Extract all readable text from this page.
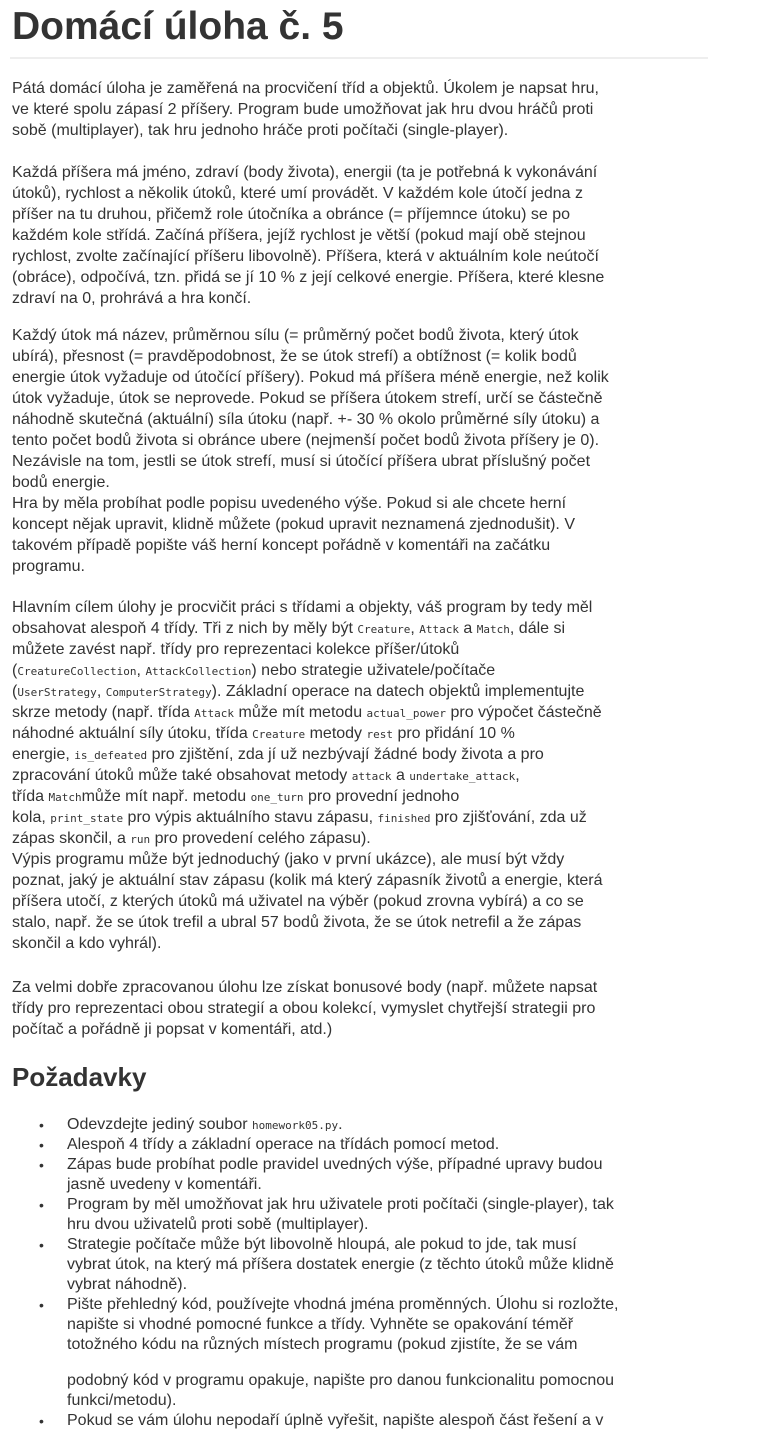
Domácí úloha č. 5
Pátá domácí úloha je zaměřená na procvičení tříd a objektů. Úkolem je napsat hru,
ve které spolu zápasí 2 příšery. Program bude umožňovat jak hru dvou hráčů proti
sobě (multiplayer), tak hru jednoho hráče proti počítači (single-player).
Každá příšera má jméno, zdraví (body života), energii (ta je potřebná k vykonávání
útoků), rychlost a několik útoků, které umí provádět. V každém kole útočí jedna z
příšer na tu druhou, přičemž role útočníka a obránce (= příjemnce útoku) se po
každém kole střídá. Začíná příšera, jejíž rychlost je větší (pokud mají obě stejnou
rychlost, zvolte začínající příšeru libovolně). Příšera, která v aktuálním kole neútočí
(obráce), odpočívá, tzn. přidá se jí 10 % z její celkové energie. Příšera, které klesne
zdraví na 0, prohrává a hra končí.
Každý útok má název, průměrnou sílu (= průměrný počet bodů života, který útok
ubírá), přesnost (= pravděpodobnost, že se útok strefí) a obtížnost (= kolik bodů
energie útok vyžaduje od útočící příšery). Pokud má příšera méně energie, než kolik
útok vyžaduje, útok se neprovede. Pokud se příšera útokem strefí, určí se částečně
náhodně skutečná (aktuální) síla útoku (např. +- 30 % okolo průměrné síly útoku) a
tento počet bodů života si obránce ubere (nejmenší počet bodů života příšery je 0).
Nezávisle na tom, jestli se útok strefí, musí si útočící příšera ubrat příslušný počet
bodů energie.
Hra by měla probíhat podle popisu uvedeného výše. Pokud si ale chcete herní
koncept nějak upravit, klidně můžete (pokud upravit neznamená zjednodušit). V
takovém případě popište váš herní koncept pořádně v komentáři na začátku
programu.
Hlavním cílem úlohy je procvičit práci s třídami a objekty, váš program by tedy měl
obsahovat alespoň 4 třídy. Tři z nich by měly být Creature, Attack a Match, dále si
můžete zavést např. třídy pro reprezentaci kolekce příšer/útoků
(CreatureCollection, AttackCollection) nebo strategie uživatele/počítače
(UserStrategy, ComputerStrategy). Základní operace na datech objektů implementujte
skrze metody (např. třída Attack může mít metodu actual_power pro výpočet částečně
náhodné aktuální síly útoku, třída Creature metody rest pro přidání 10 %
energie, is_defeated pro zjištění, zda jí už nezbývají žádné body života a pro
zpracování útoků může také obsahovat metody attack a undertake_attack,
třída Matchmůže mít např. metodu one_turn pro provední jednoho
kola, print_state pro výpis aktuálního stavu zápasu, finished pro zjišťování, zda už
zápas skončil, a run pro provedení celého zápasu).
Výpis programu může být jednoduchý (jako v první ukázce), ale musí být vždy
poznat, jaký je aktuální stav zápasu (kolik má který zápasník životů a energie, která
příšera utočí, z kterých útoků má uživatel na výběr (pokud zrovna vybírá) a co se
stalo, např. že se útok trefil a ubral 57 bodů života, že se útok netrefil a že zápas
skončil a kdo vyhrál).
Za velmi dobře zpracovanou úlohu lze získat bonusové body (např. můžete napsat
třídy pro reprezentaci obou strategií a obou kolekcí, vymyslet chytřejší strategii pro
počítač a pořádně ji popsat v komentáři, atd.)
Požadavky
• Odevzdejte jediný soubor homework05.py.
• Alespoň 4 třídy a základní operace na třídách pomocí metod.
• Zápas bude probíhat podle pravidel uvedných výše, případné upravy budou
jasně uvedeny v komentáři.
• Program by měl umožňovat jak hru uživatele proti počítači (single-player), tak
hru dvou uživatelů proti sobě (multiplayer).
• Strategie počítače může být libovolně hloupá, ale pokud to jde, tak musí
vybrat útok, na který má příšera dostatek energie (z těchto útoků může klidně
vybrat náhodně).
• Pište přehledný kód, používejte vhodná jména proměnných. Úlohu si rozložte,
napište si vhodné pomocné funkce a třídy. Vyhněte se opakování téměř
totožného kódu na různých místech programu (pokud zjistíte, že se vám
podobný kód v programu opakuje, napište pro danou funkcionalitu pomocnou
funkci/metodu).
• Pokud se vám úlohu nepodaří úplně vyřešit, napište alespoň část řešení a v
